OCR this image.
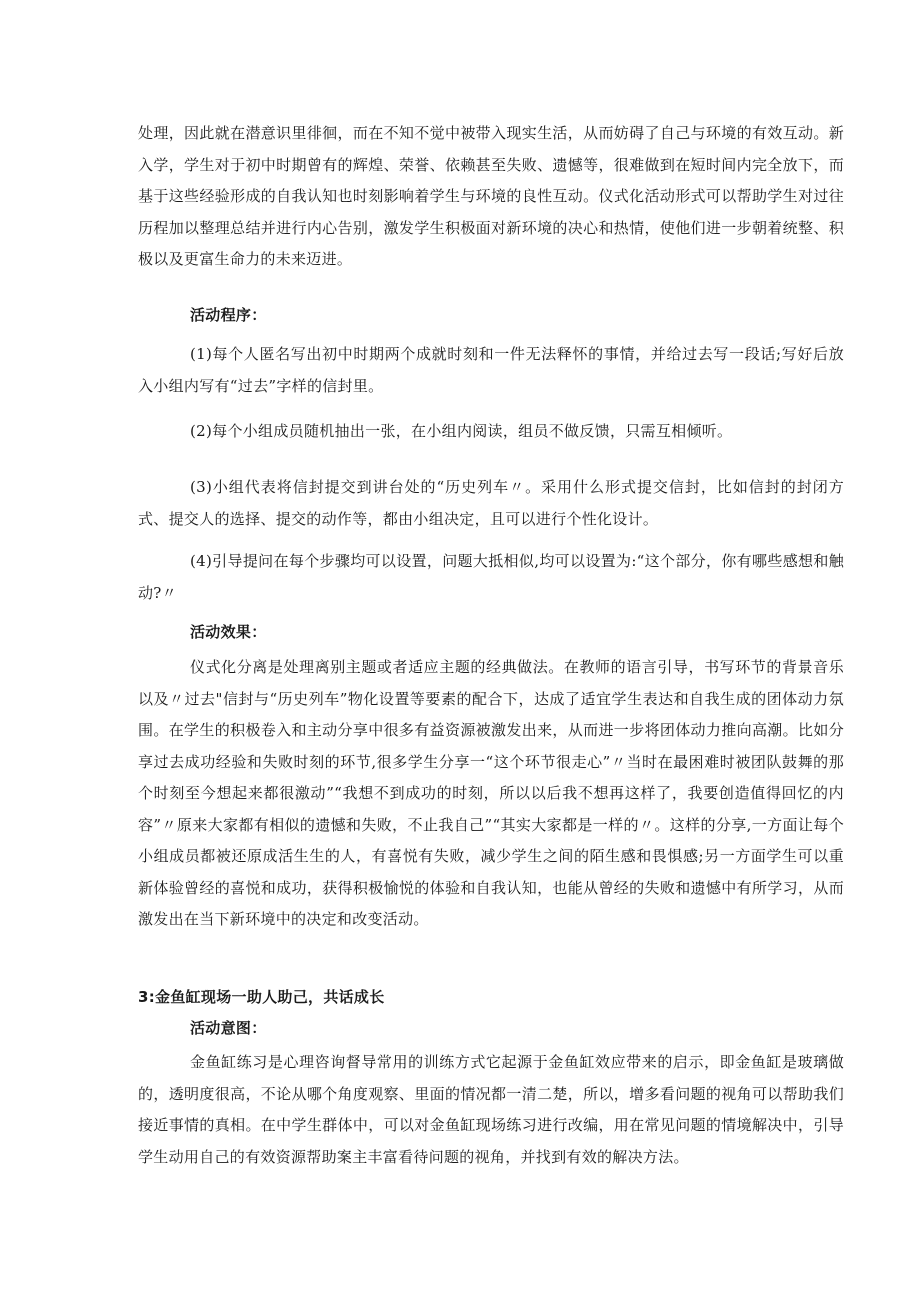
处理，因此就在潜意识里徘徊，而在不知不觉中被带入现实生活，从而妨碍了自己与环境的有效互动。新入学，学生对于初中时期曾有的辉煌、荣誉、依赖甚至失败、遗憾等，很难做到在短时间内完全放下，而基于这些经验形成的自我认知也时刻影响着学生与环境的良性互动。仪式化活动形式可以帮助学生对过往历程加以整理总结并进行内心告别，激发学生积极面对新环境的决心和热情，使他们进一步朝着统整、积极以及更富生命力的未来迈进。

活动程序：

(1)每个人匿名写出初中时期两个成就时刻和一件无法释怀的事情，并给过去写一段话;写好后放入小组内写有“过去”字样的信封里。

(2)每个小组成员随机抽出一张，在小组内阅读，组员不做反馈，只需互相倾听。

(3)小组代表将信封提交到讲台处的“历史列车〃。采用什么形式提交信封，比如信封的封闭方式、提交人的选择、提交的动作等，都由小组决定，且可以进行个性化设计。

(4)引导提问在每个步骤均可以设置，问题大抵相似,均可以设置为:“这个部分，你有哪些感想和触动?〃

活动效果：

仪式化分离是处理离别主题或者适应主题的经典做法。在教师的语言引导，书写环节的背景音乐以及〃过去"信封与“历史列车”物化设置等要素的配合下，达成了适宜学生表达和自我生成的团体动力氛围。在学生的积极卷入和主动分享中很多有益资源被激发出来，从而进一步将团体动力推向高潮。比如分享过去成功经验和失败时刻的环节,很多学生分享一“这个环节很走心”〃当时在最困难时被团队鼓舞的那个时刻至今想起来都很激动”“我想不到成功的时刻，所以以后我不想再这样了，我要创造值得回忆的内容”〃原来大家都有相似的遗憾和失败，不止我自己”“其实大家都是一样的〃。这样的分享,一方面让每个小组成员都被还原成活生生的人，有喜悦有失败，减少学生之间的陌生感和畏惧感;另一方面学生可以重新体验曾经的喜悦和成功，获得积极愉悦的体验和自我认知，也能从曾经的失败和遗憾中有所学习，从而激发出在当下新环境中的决定和改变活动。

3:金鱼缸现场一助人助己，共话成长
活动意图：

金鱼缸练习是心理咨询督导常用的训练方式它起源于金鱼缸效应带来的启示，即金鱼缸是玻璃做的，透明度很高，不论从哪个角度观察、里面的情况都一清二楚，所以，增多看问题的视角可以帮助我们接近事情的真相。在中学生群体中，可以对金鱼缸现场练习进行改编，用在常见问题的情境解决中，引导学生动用自己的有效资源帮助案主丰富看待问题的视角，并找到有效的解决方法。
